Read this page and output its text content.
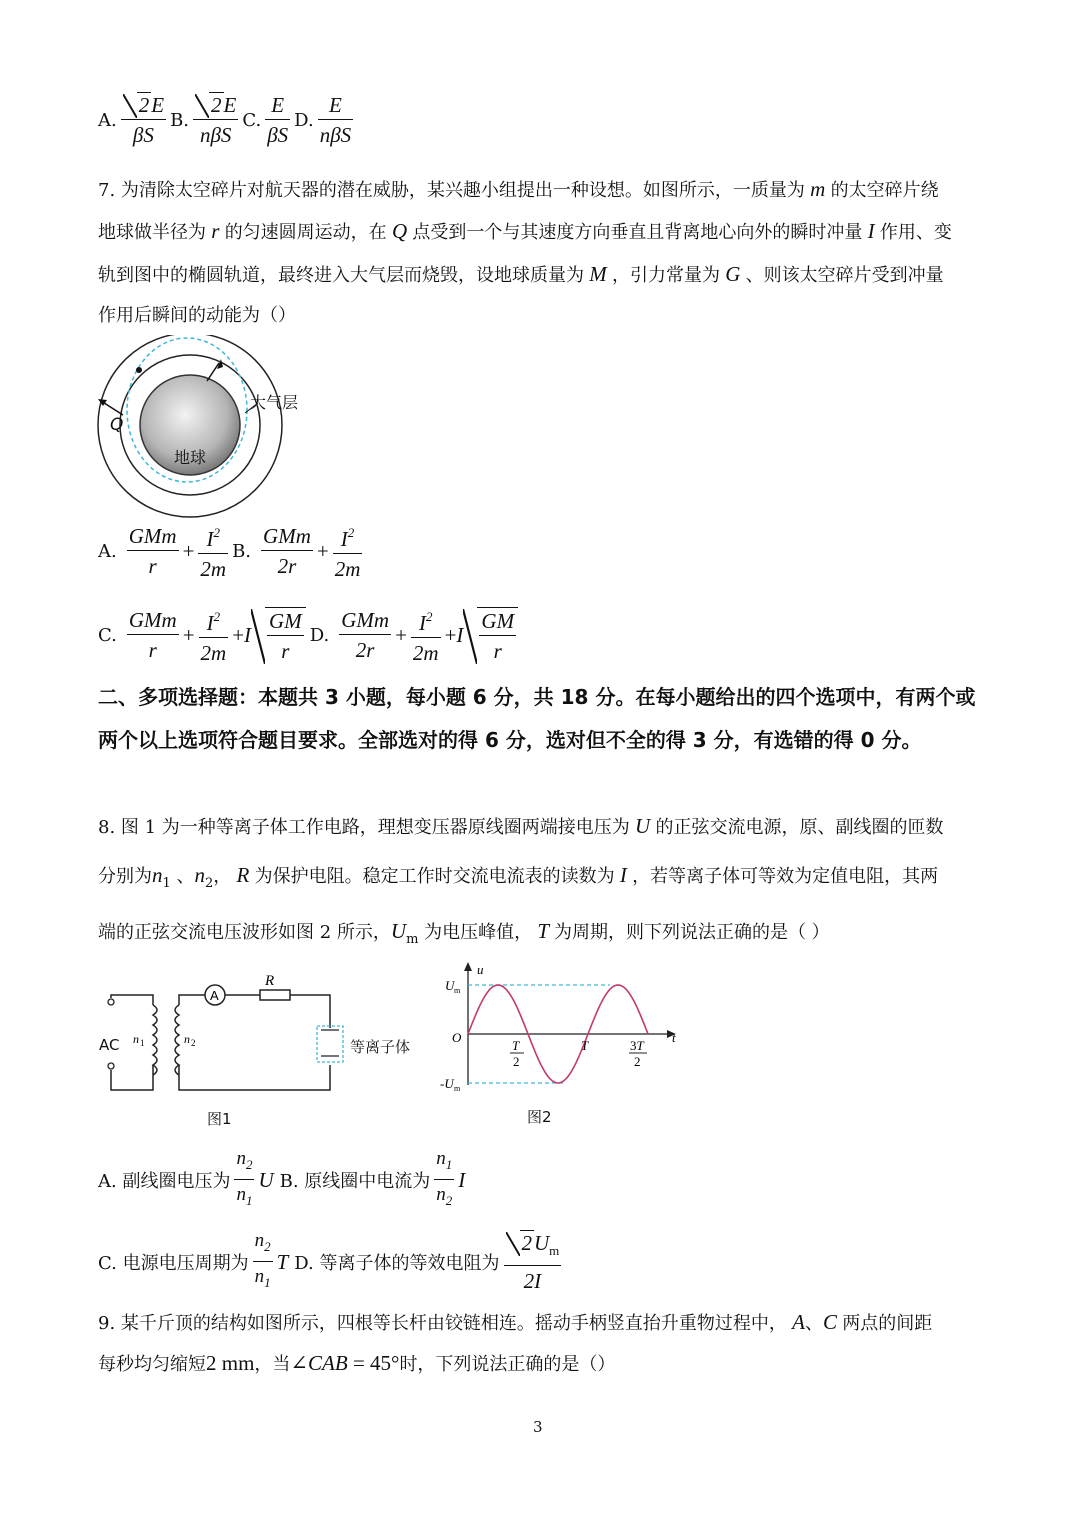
A. $\frac{2E}{\beta S} B$. $\frac{2E}{\text{nβS}} C$. $\frac{E}{\beta S} D$. $\frac{E}{\text{nβS}}$
7. 为清除太空碎片对航天器的潜在威胁，某兴趣小组提出一种设想。如图所示，一质量为 m 的太空碎片绕
地球做半径为 r 的匀速圆周运动，在 Q 点受到一个与其速度方向垂直且背离地心向外的瞬时冲量 I 作用、变
轨到图中的椭圆轨道，最终进入大气层而烧毁，设地球质量为 M ，引力常量为 G 、则该太空碎片受到冲量
作用后瞬间的动能为（）
大气层
地球
Q
A. $\frac{\text{GMm}}{r} + \frac{I^2}{2m} B$. $\frac{\text{GMm}}{2r} + \frac{I^2}{2m}$
C. $\frac{\text{GMm}}{r} + \frac{I^2}{2m} + I \frac{GM}{r} D$. $\frac{\text{GMm}}{2r} + \frac{I^2}{2m} + I \frac{GM}{r}$
二、多项选择题：本题共 3 小题，每小题 6 分，共 18 分。在每小题给出的四个选项中，有两个或两个以上选项符合题目要求。全部选对的得 6 分，选对但不全的得 3 分，有选错的得 0 分。
8. 图 1 为一种等离子体工作电路，理想变压器原线圈两端接电压为 U 的正弦交流电源，原、副线圈的匝数
分别为$n_1$ 、$n_2$， R 为保护电阻。稳定工作时交流电流表的读数为 I ，若等离子体可等效为定值电阻，其两
端的正弦交流电压波形如图 2 所示，$U_m$ 为电压峰值， T 为周期，则下列说法正确的是（ ）
A
R
n 1	n 2
AC	等离子体
图1
u
U m
O
-U m
T
2
T	3T
2
t
图2
A. 副线圈电压为 $\frac{n_2}{n_1}$ U B. 原线圈中电流为 $\frac{n_1}{n_2}$ I
C. 电源电压周期为 $\frac{n_2}{n_1}$ T D. 等离子体的等效电阻为 $\frac{2U_m}{2I}$
9. 某千斤顶的结构如图所示，四根等长杆由铰链相连。摇动手柄竖直抬升重物过程中， A、C 两点的间距
每秒均匀缩短2 mm，当∠CAB = 45°时，下列说法正确的是（）
3
